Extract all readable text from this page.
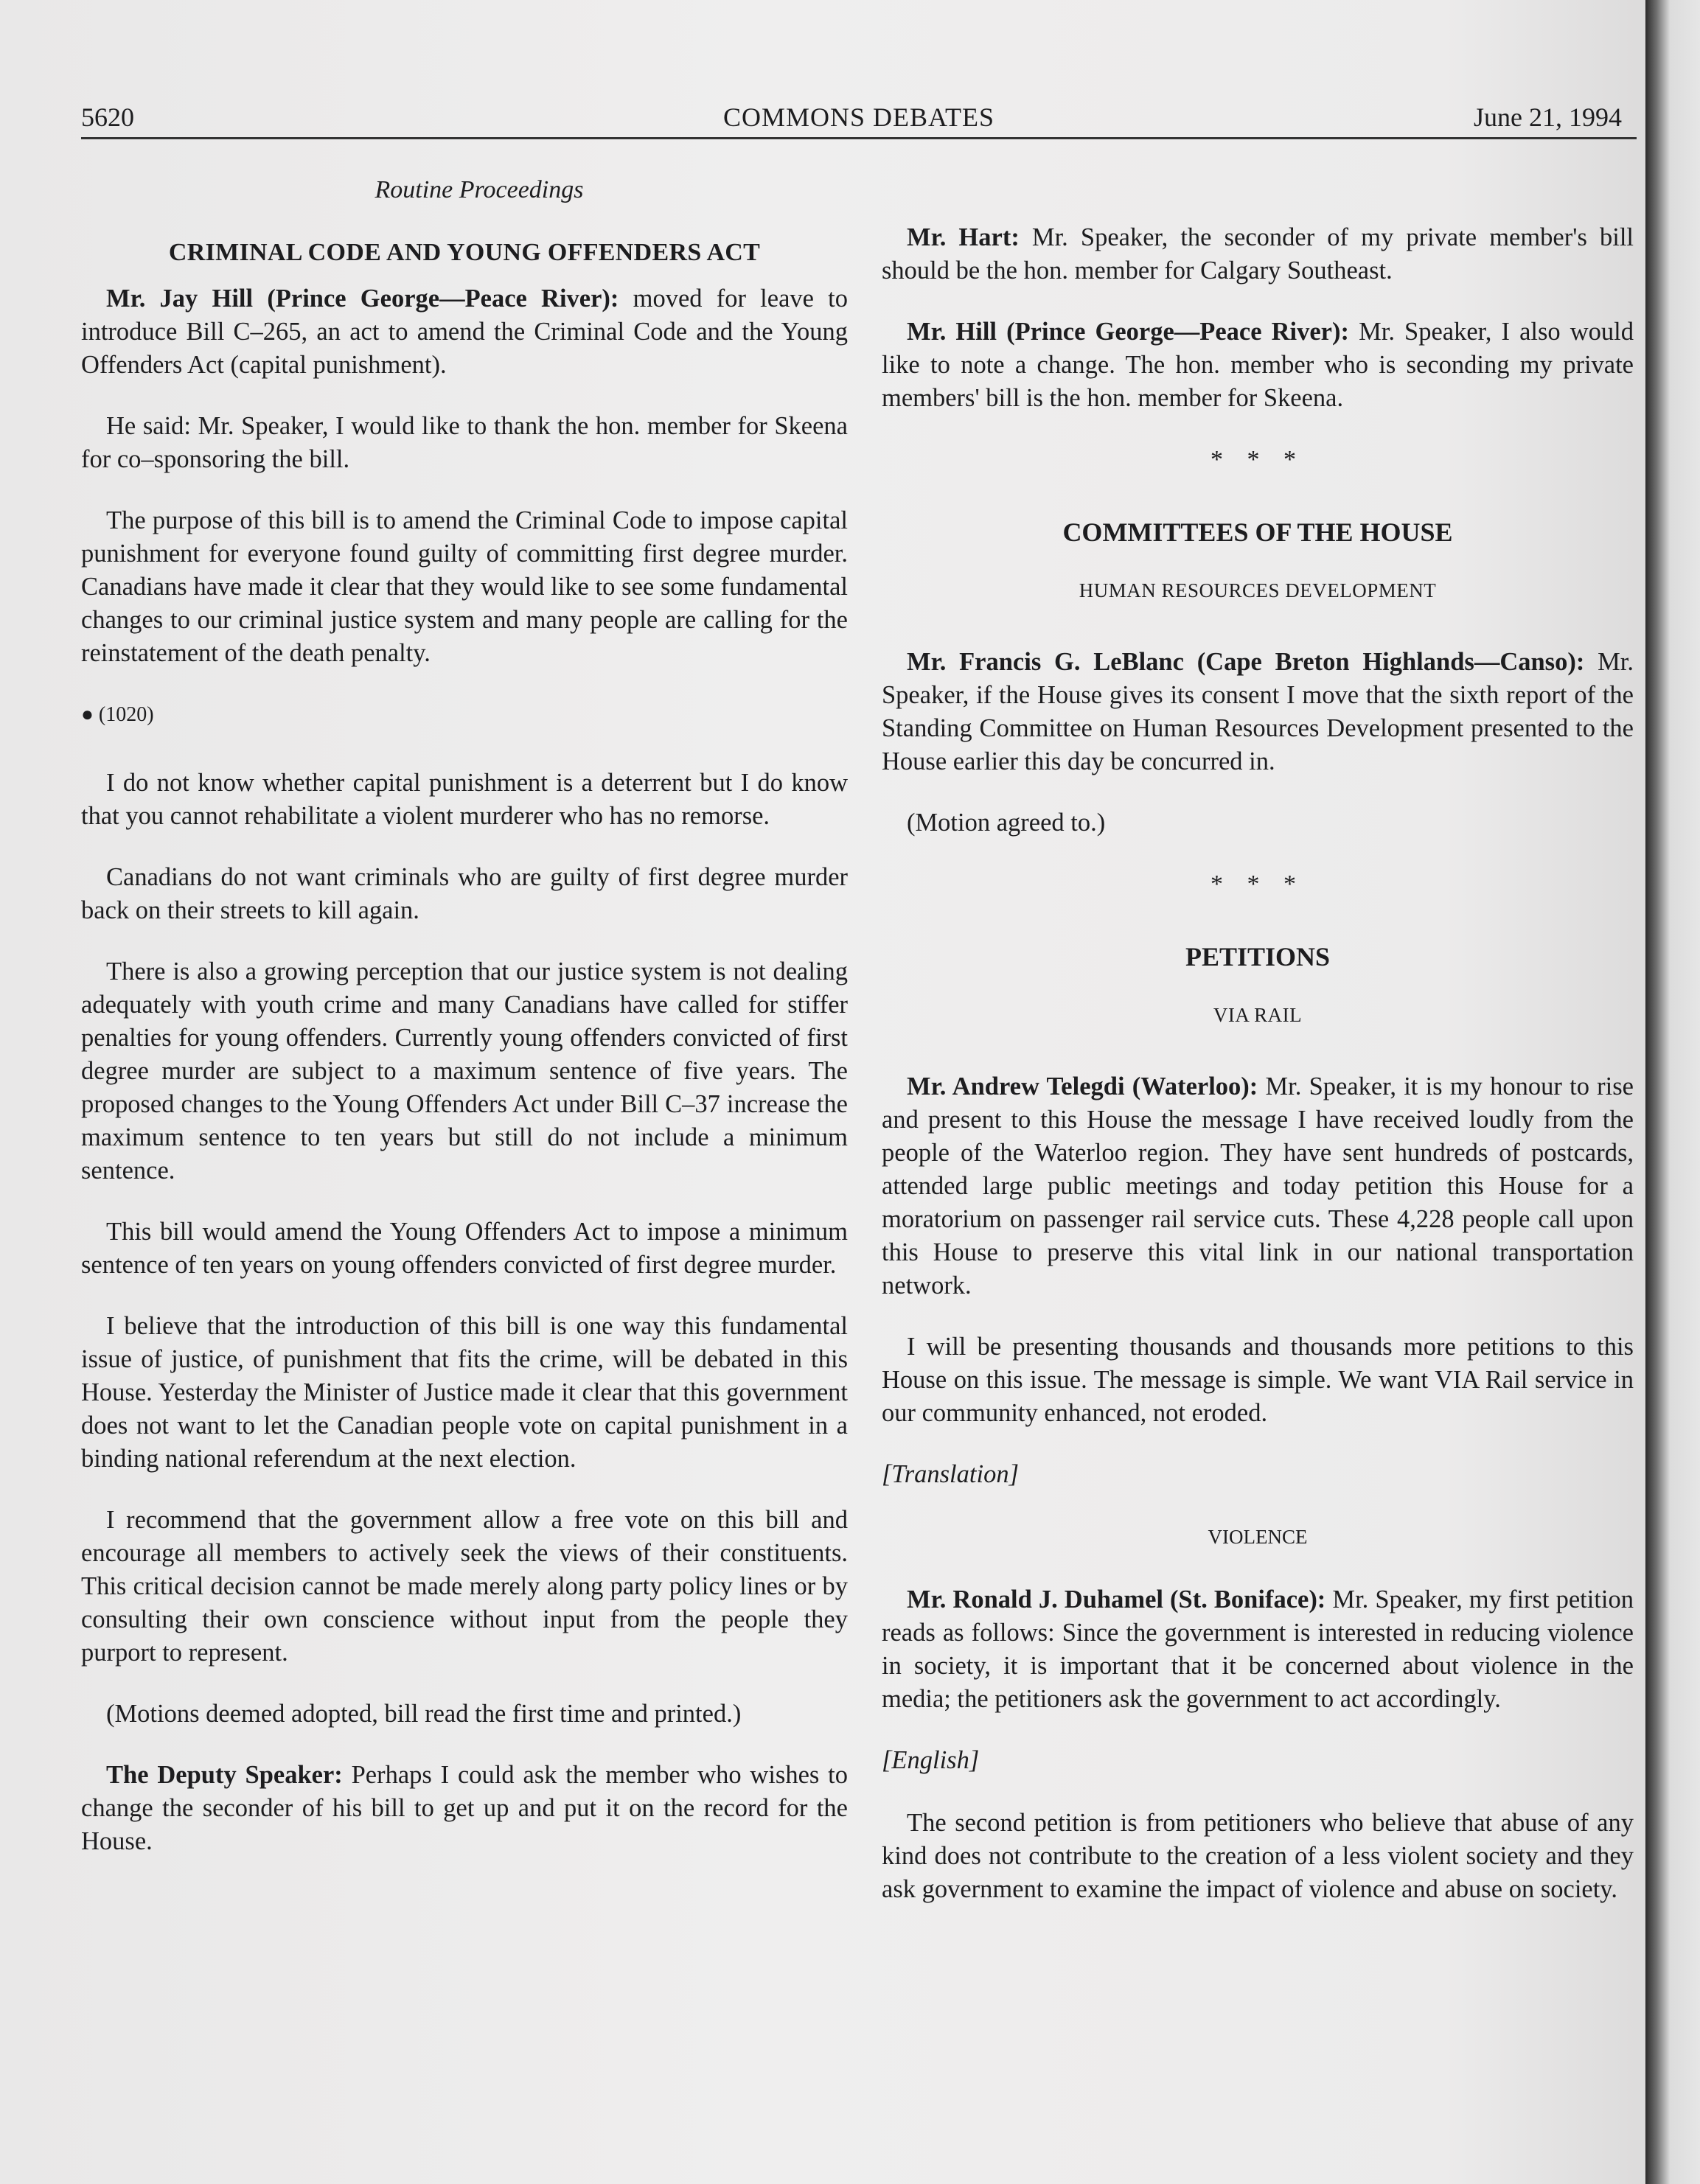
5620	COMMONS DEBATES	June 21, 1994
Routine Proceedings
CRIMINAL CODE AND YOUNG OFFENDERS ACT

Mr. Jay Hill (Prince George—Peace River): moved for leave to introduce Bill C–265, an act to amend the Criminal Code and the Young Offenders Act (capital punishment).

He said: Mr. Speaker, I would like to thank the hon. member for Skeena for co–sponsoring the bill.

The purpose of this bill is to amend the Criminal Code to impose capital punishment for everyone found guilty of committing first degree murder. Canadians have made it clear that they would like to see some fundamental changes to our criminal justice system and many people are calling for the reinstatement of the death penalty.

● (1020)

I do not know whether capital punishment is a deterrent but I do know that you cannot rehabilitate a violent murderer who has no remorse.

Canadians do not want criminals who are guilty of first degree murder back on their streets to kill again.

There is also a growing perception that our justice system is not dealing adequately with youth crime and many Canadians have called for stiffer penalties for young offenders. Currently young offenders convicted of first degree murder are subject to a maximum sentence of five years. The proposed changes to the Young Offenders Act under Bill C–37 increase the maximum sentence to ten years but still do not include a minimum sentence.

This bill would amend the Young Offenders Act to impose a minimum sentence of ten years on young offenders convicted of first degree murder.

I believe that the introduction of this bill is one way this fundamental issue of justice, of punishment that fits the crime, will be debated in this House. Yesterday the Minister of Justice made it clear that this government does not want to let the Canadian people vote on capital punishment in a binding national referendum at the next election.

I recommend that the government allow a free vote on this bill and encourage all members to actively seek the views of their constituents. This critical decision cannot be made merely along party policy lines or by consulting their own conscience without input from the people they purport to represent.

(Motions deemed adopted, bill read the first time and printed.)

The Deputy Speaker: Perhaps I could ask the member who wishes to change the seconder of his bill to get up and put it on the record for the House.

Mr. Hart: Mr. Speaker, the seconder of my private member's bill should be the hon. member for Calgary Southeast.

Mr. Hill (Prince George—Peace River): Mr. Speaker, I also would like to note a change. The hon. member who is seconding my private members' bill is the hon. member for Skeena.

* * *
COMMITTEES OF THE HOUSE
HUMAN RESOURCES DEVELOPMENT

Mr. Francis G. LeBlanc (Cape Breton Highlands—Canso): Mr. Speaker, if the House gives its consent I move that the sixth report of the Standing Committee on Human Resources Development presented to the House earlier this day be concurred in.

(Motion agreed to.)

* * *
PETITIONS
VIA RAIL

Mr. Andrew Telegdi (Waterloo): Mr. Speaker, it is my honour to rise and present to this House the message I have received loudly from the people of the Waterloo region. They have sent hundreds of postcards, attended large public meetings and today petition this House for a moratorium on passenger rail service cuts. These 4,228 people call upon this House to preserve this vital link in our national transportation network.

I will be presenting thousands and thousands more petitions to this House on this issue. The message is simple. We want VIA Rail service in our community enhanced, not eroded.

[Translation]

VIOLENCE

Mr. Ronald J. Duhamel (St. Boniface): Mr. Speaker, my first petition reads as follows: Since the government is interested in reducing violence in society, it is important that it be concerned about violence in the media; the petitioners ask the government to act accordingly.

[English]

The second petition is from petitioners who believe that abuse of any kind does not contribute to the creation of a less violent society and they ask government to examine the impact of violence and abuse on society.
